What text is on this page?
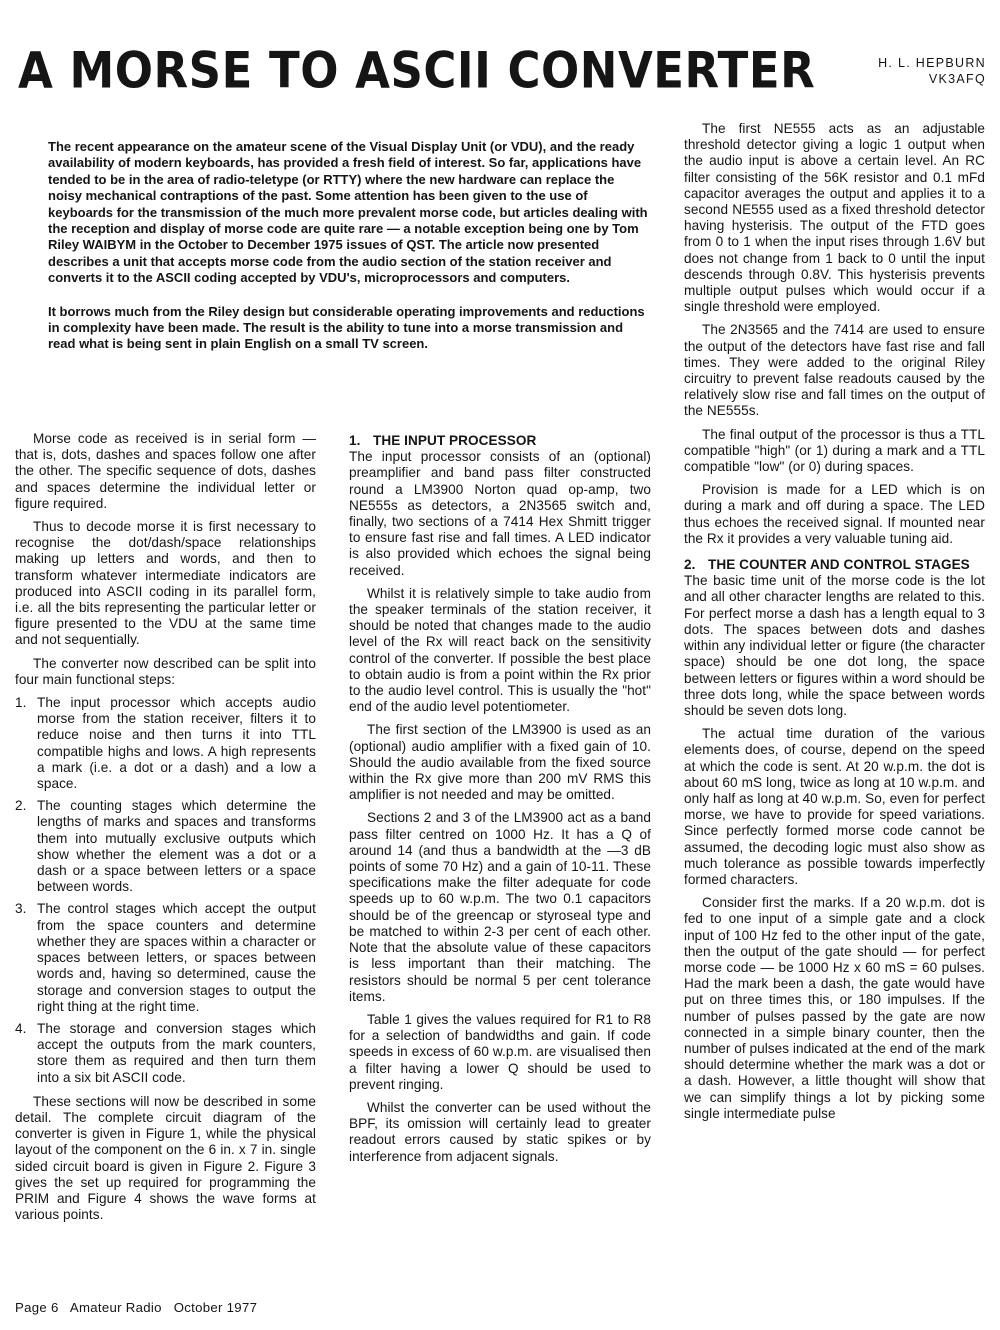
A MORSE TO ASCII CONVERTER	H. L. HEPBURN
VK3AFQ

The recent appearance on the amateur scene of the Visual Display Unit (or VDU), and the ready availability of modern keyboards, has provided a fresh field of interest. So far, applications have tended to be in the area of radio-teletype (or RTTY) where the new hardware can replace the noisy mechanical contraptions of the past. Some attention has been given to the use of keyboards for the transmission of the much more prevalent morse code, but articles dealing with the reception and display of morse code are quite rare — a notable exception being one by Tom Riley WAIBYM in the October to December 1975 issues of QST. The article now presented describes a unit that accepts morse code from the audio section of the station receiver and converts it to the ASCII coding accepted by VDU's, microprocessors and computers.

It borrows much from the Riley design but considerable operating improvements and reductions in complexity have been made. The result is the ability to tune into a morse transmission and read what is being sent in plain English on a small TV screen.

Morse code as received is in serial form — that is, dots, dashes and spaces follow one after the other. The specific sequence of dots, dashes and spaces determine the individual letter or figure required.

Thus to decode morse it is first necessary to recognise the dot/dash/space relationships making up letters and words, and then to transform whatever intermediate indicators are produced into ASCII coding in its parallel form, i.e. all the bits representing the particular letter or figure presented to the VDU at the same time and not sequentially.

The converter now described can be split into four main functional steps:

1. The input processor which accepts audio morse from the station receiver, filters it to reduce noise and then turns it into TTL compatible highs and lows. A high represents a mark (i.e. a dot or a dash) and a low a space.
2. The counting stages which determine the lengths of marks and spaces and transforms them into mutually exclusive outputs which show whether the element was a dot or a dash or a space between letters or a space between words.
3. The control stages which accept the output from the space counters and determine whether they are spaces within a character or spaces between letters, or spaces between words and, having so determined, cause the storage and conversion stages to output the right thing at the right time.
4. The storage and conversion stages which accept the outputs from the mark counters, store them as required and then turn them into a six bit ASCII code.

These sections will now be described in some detail. The complete circuit diagram of the converter is given in Figure 1, while the physical layout of the component on the 6 in. x 7 in. single sided circuit board is given in Figure 2. Figure 3 gives the set up required for programming the PRIM and Figure 4 shows the wave forms at various points.

1. THE INPUT PROCESSOR

The input processor consists of an (optional) preamplifier and band pass filter constructed round a LM3900 Norton quad op-amp, two NE555s as detectors, a 2N3565 switch and, finally, two sections of a 7414 Hex Shmitt trigger to ensure fast rise and fall times. A LED indicator is also provided which echoes the signal being received.

Whilst it is relatively simple to take audio from the speaker terminals of the station receiver, it should be noted that changes made to the audio level of the Rx will react back on the sensitivity control of the converter. If possible the best place to obtain audio is from a point within the Rx prior to the audio level control. This is usually the "hot" end of the audio level potentiometer.

The first section of the LM3900 is used as an (optional) audio amplifier with a fixed gain of 10. Should the audio available from the fixed source within the Rx give more than 200 mV RMS this amplifier is not needed and may be omitted.

Sections 2 and 3 of the LM3900 act as a band pass filter centred on 1000 Hz. It has a Q of around 14 (and thus a bandwidth at the —3 dB points of some 70 Hz) and a gain of 10-11. These specifications make the filter adequate for code speeds up to 60 w.p.m. The two 0.1 capacitors should be of the greencap or styroseal type and be matched to within 2-3 per cent of each other. Note that the absolute value of these capacitors is less important than their matching. The resistors should be normal 5 per cent tolerance items.

Table 1 gives the values required for R1 to R8 for a selection of bandwidths and gain. If code speeds in excess of 60 w.p.m. are visualised then a filter having a lower Q should be used to prevent ringing.

Whilst the converter can be used without the BPF, its omission will certainly lead to greater readout errors caused by static spikes or by interference from adjacent signals.

The first NE555 acts as an adjustable threshold detector giving a logic 1 output when the audio input is above a certain level. An RC filter consisting of the 56K resistor and 0.1 mFd capacitor averages the output and applies it to a second NE555 used as a fixed threshold detector having hysterisis. The output of the FTD goes from 0 to 1 when the input rises through 1.6V but does not change from 1 back to 0 until the input descends through 0.8V. This hysterisis prevents multiple output pulses which would occur if a single threshold were employed.

The 2N3565 and the 7414 are used to ensure the output of the detectors have fast rise and fall times. They were added to the original Riley circuitry to prevent false readouts caused by the relatively slow rise and fall times on the output of the NE555s.

The final output of the processor is thus a TTL compatible "high" (or 1) during a mark and a TTL compatible "low" (or 0) during spaces.

Provision is made for a LED which is on during a mark and off during a space. The LED thus echoes the received signal. If mounted near the Rx it provides a very valuable tuning aid.

2. THE COUNTER AND CONTROL STAGES

The basic time unit of the morse code is the lot and all other character lengths are related to this. For perfect morse a dash has a length equal to 3 dots. The spaces between dots and dashes within any individual letter or figure (the character space) should be one dot long, the space between letters or figures within a word should be three dots long, while the space between words should be seven dots long.

The actual time duration of the various elements does, of course, depend on the speed at which the code is sent. At 20 w.p.m. the dot is about 60 mS long, twice as long at 10 w.p.m. and only half as long at 40 w.p.m. So, even for perfect morse, we have to provide for speed variations. Since perfectly formed morse code cannot be assumed, the decoding logic must also show as much tolerance as possible towards imperfectly formed characters.

Consider first the marks. If a 20 w.p.m. dot is fed to one input of a simple gate and a clock input of 100 Hz fed to the other input of the gate, then the output of the gate should — for perfect morse code — be 1000 Hz x 60 mS = 60 pulses. Had the mark been a dash, the gate would have put on three times this, or 180 impulses. If the number of pulses passed by the gate are now connected in a simple binary counter, then the number of pulses indicated at the end of the mark should determine whether the mark was a dot or a dash. However, a little thought will show that we can simplify things a lot by picking some single intermediate pulse

Page 6 Amateur Radio October 1977
